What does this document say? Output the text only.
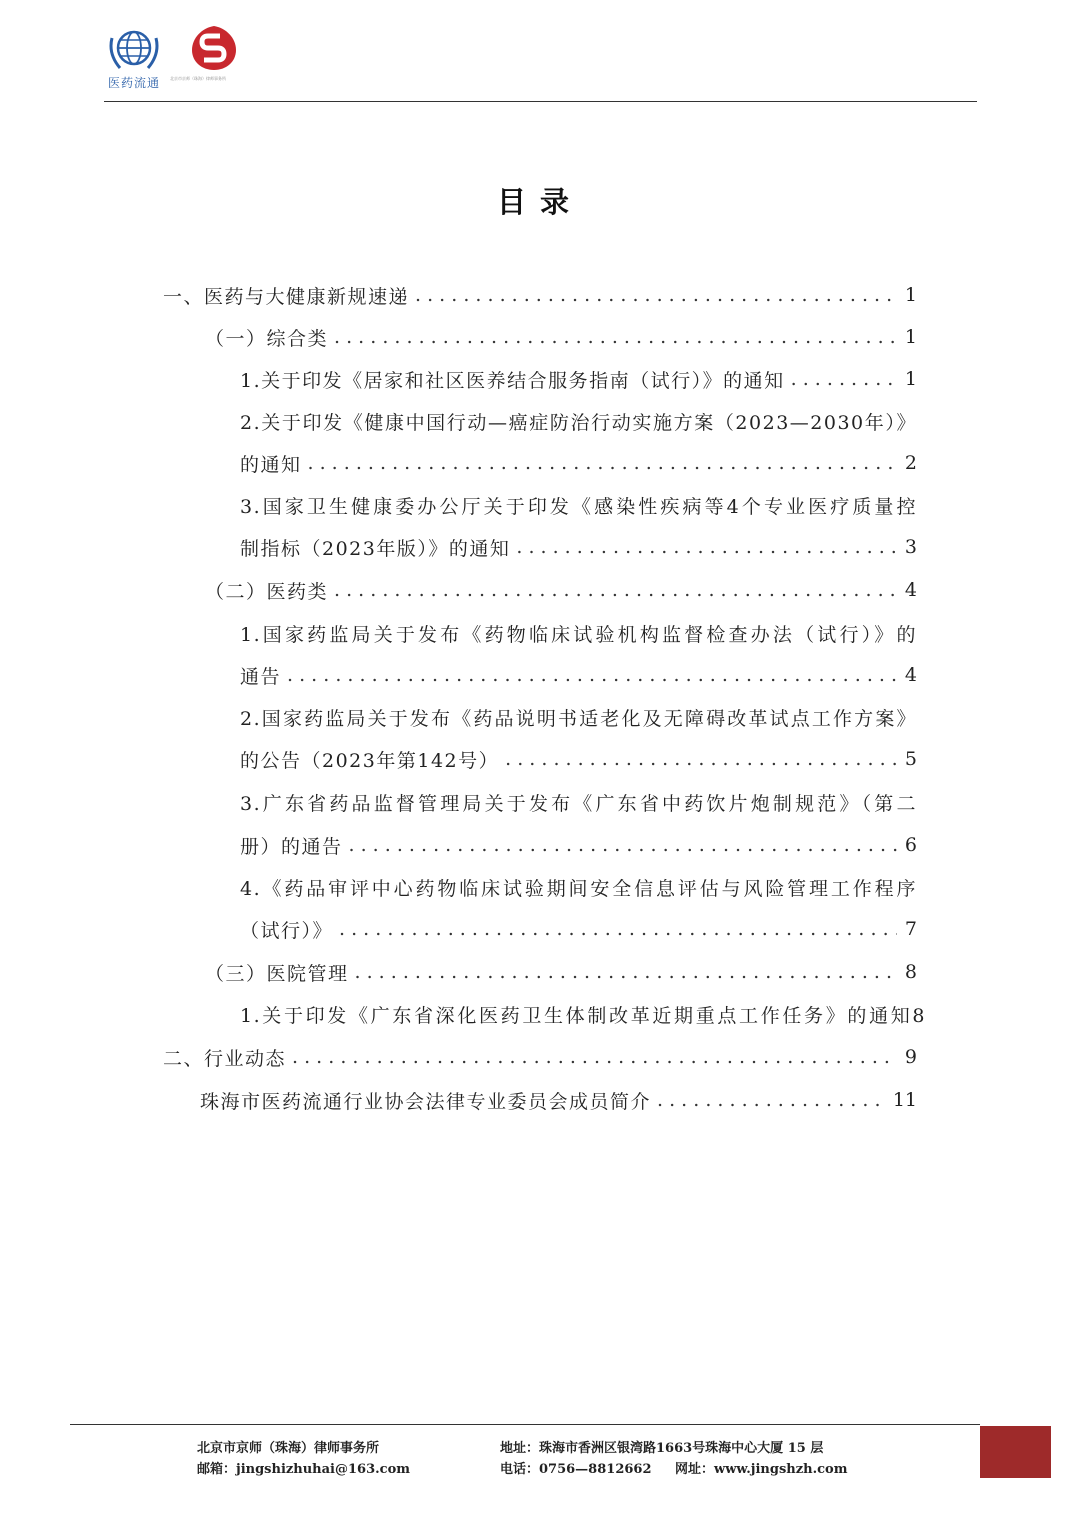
医药流通	北京市京师（珠海）律师事务所
目录
一、医药与大健康新规速递 . . .	1
（一）综合类 . . .	1
1.关于印发《居家和社区医养结合服务指南（试行）》的通知 . . .	1
2.关于印发《健康中国行动—癌症防治行动实施方案（2023—2030年）》
的通知 . . .	2
3.国家卫生健康委办公厅关于印发《感染性疾病等4个专业医疗质量控
制指标（2023年版）》的通知 . . .	3
（二）医药类 . . .	4
1.国家药监局关于发布《药物临床试验机构监督检查办法（试行）》的
通告 . . .	4
2.国家药监局关于发布《药品说明书适老化及无障碍改革试点工作方案》
的公告（2023年第142号） . . .	5
3.广东省药品监督管理局关于发布《广东省中药饮片炮制规范》（第二
册）的通告 . . .	6
4.《药品审评中心药物临床试验期间安全信息评估与风险管理工作程序
（试行）》 . . .	7
（三）医院管理 . . .	8
1.关于印发《广东省深化医药卫生体制改革近期重点工作任务》的通知8
二、行业动态 . . .	9
珠海市医药流通行业协会法律专业委员会成员简介 . . .	11
北京市京师（珠海）律师事务所
邮箱：jingshizhuhai@163.com
地址：珠海市香洲区银湾路1663号珠海中心大厦 15 层
电话：0756—8812662 网址：www.jingshzh.com
